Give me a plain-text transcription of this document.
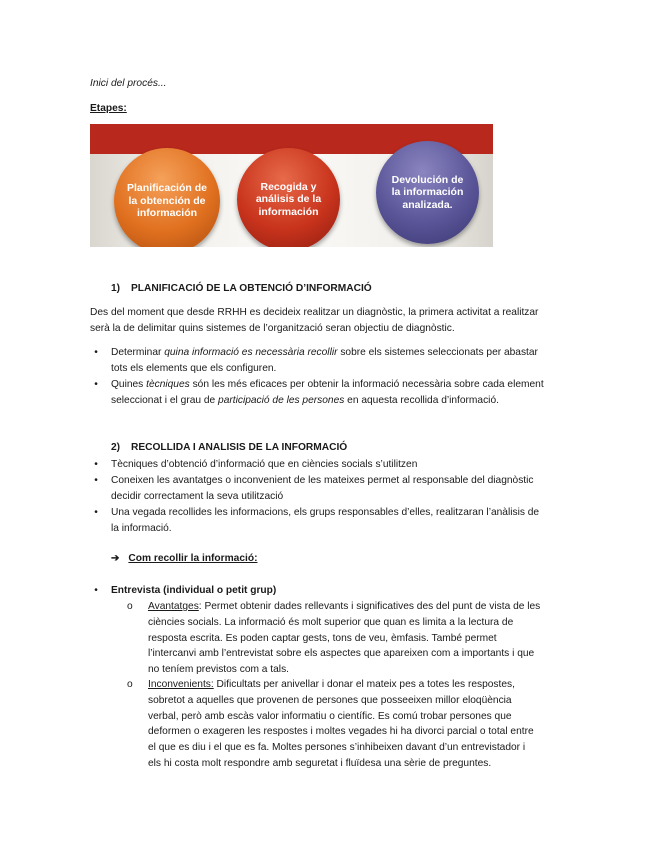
Inici del procés...
Etapes:
Planificación de la obtención de información
Recogida y análisis de la información
Devolución de la información analizada.
1) PLANIFICACIÓ DE LA OBTENCIÓ D’INFORMACIÓ
Des del moment que desde RRHH es decideix realitzar un diagnòstic, la primera activitat a realitzar
serà la de delimitar quins sistemes de l’organització seran objectiu de diagnòstic.
•	Determinar quina informació es necessària recollir sobre els sistemes seleccionats per abastar
tots els elements que els configuren.
•	Quines tècniques són les més eficaces per obtenir la informació necessària sobre cada element
seleccionat i el grau de participació de les persones en aquesta recollida d’informació.
2) RECOLLIDA I ANALISIS DE LA INFORMACIÓ
•	Tècniques d’obtenció d’informació que en ciències socials s’utilitzen
•	Coneixen les avantatges o inconvenient de les mateixes permet al responsable del diagnòstic
decidir correctament la seva utilització
•	Una vegada recollides les informacions, els grups responsables d’elles, realitzaran l’anàlisis de
la informació.
➔ Com recollir la informació:
•	Entrevista (individual o petit grup)
o Avantatges: Permet obtenir dades rellevants i significatives des del punt de vista de les
ciències socials. La informació és molt superior que quan es limita a la lectura de
resposta escrita. Es poden captar gests, tons de veu, èmfasis. També permet
l’intercanvi amb l’entrevistat sobre els aspectes que apareixen com a importants i que
no teníem previstos com a tals.
o Inconvenients: Dificultats per anivellar i donar el mateix pes a totes les respostes,
sobretot a aquelles que provenen de persones que posseeixen millor eloqüència
verbal, però amb escàs valor informatiu o científic. Es comú trobar persones que
deformen o exageren les respostes i moltes vegades hi ha divorci parcial o total entre
el que es diu i el que es fa. Moltes persones s’inhibeixen davant d’un entrevistador i
els hi costa molt respondre amb seguretat i fluïdesa una sèrie de preguntes.
